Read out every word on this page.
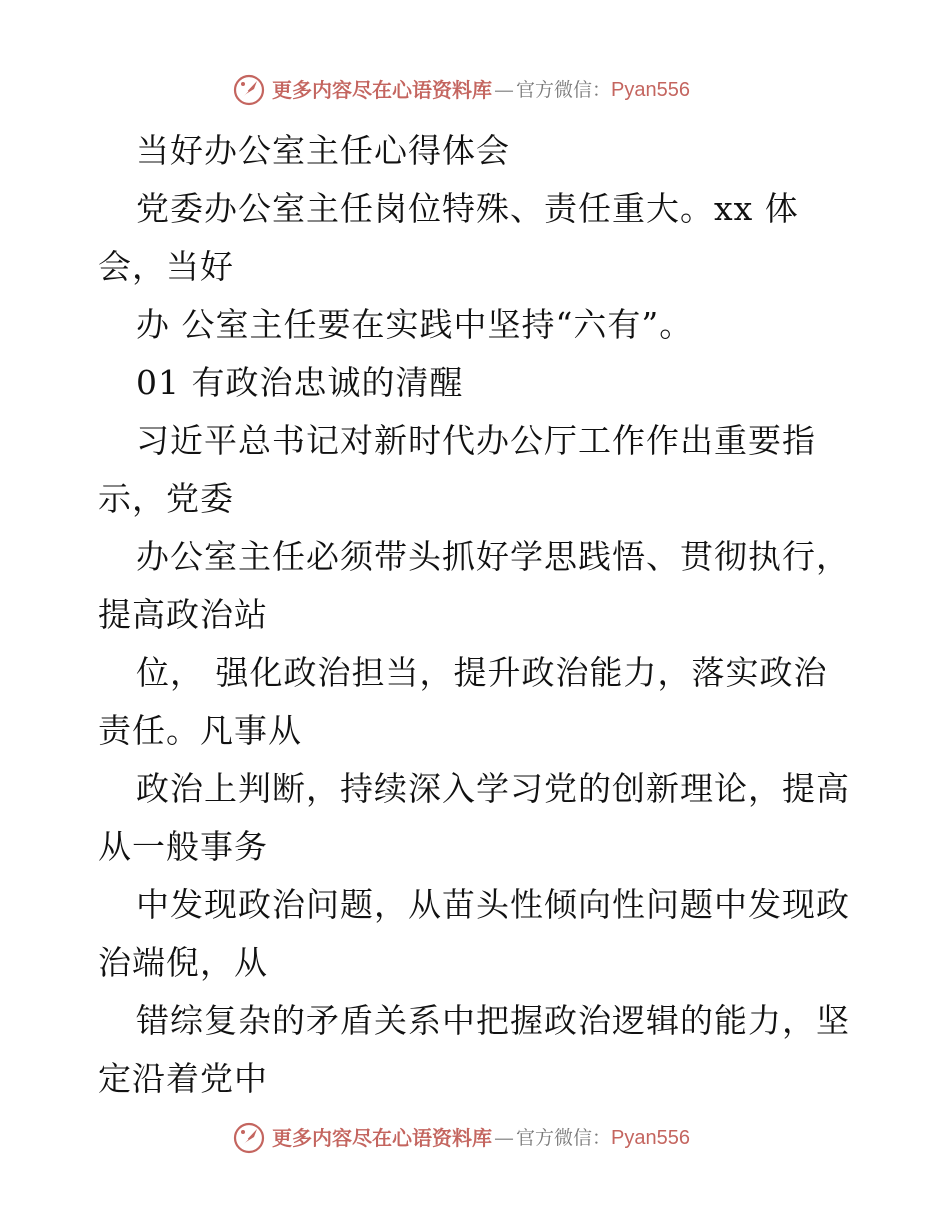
更多内容尽在心语资料库 — 官方微信： Pyan556
当好办公室主任心得体会
党委办公室主任岗位特殊、责任重大。xx 体
会，当好
办 公室主任要在实践中坚持“六有”。
01 有政治忠诚的清醒
习近平总书记对新时代办公厅工作作出重要指
示，党委
办公室主任必须带头抓好学思践悟、贯彻执行，
提高政治站
位， 强化政治担当，提升政治能力，落实政治
责任。凡事从
政治上判断，持续深入学习党的创新理论，提高
从一般事务
中发现政治问题，从苗头性倾向性问题中发现政
治端倪，从
错综复杂的矛盾关系中把握政治逻辑的能力，坚
定沿着党中
更多内容尽在心语资料库 — 官方微信： Pyan556
